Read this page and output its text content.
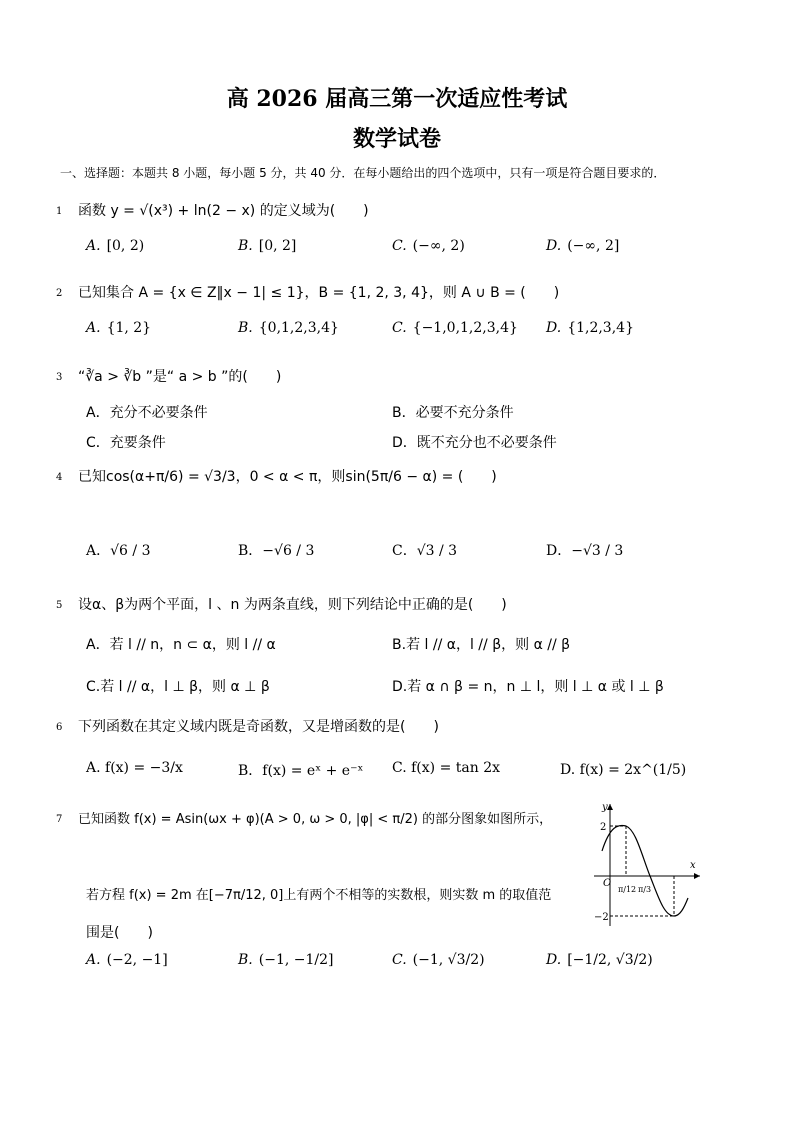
高 2026 届高三第一次适应性考试
数学试卷
一、选择题：本题共 8 小题，每小题 5 分，共 40 分．在每小题给出的四个选项中，只有一项是符合题目要求的．
1 函数 y = √(x³) + ln(2 − x) 的定义域为(　　)
A. [0, 2)	B. [0, 2]	C. (−∞, 2)	D. (−∞, 2]
2 已知集合 A = {x ∈ Z‖x − 1| ≤ 1}，B = {1, 2, 3, 4}，则 A ∪ B = (　　)
A. {1, 2}	B. {0,1,2,3,4}	C. {−1,0,1,2,3,4} D. {1,2,3,4}
3 “∛a > ∛b ”是“ a > b ”的(　　)
A．充分不必要条件	B．必要不充分条件
C．充要条件	D．既不充分也不必要条件
4 已知cos(α+π/6) = √3/3，0 < α < π，则sin(5π/6 − α) = (　　)
A．√6 / 3	B．−√6 / 3	C．√3 / 3	D．−√3 / 3
5 设α、β为两个平面，l 、n 为两条直线，则下列结论中正确的是(　　)
A．若 l // n，n ⊂ α，则 l // α	B.若 l // α，l // β，则 α // β
C.若 l // α，l ⊥ β，则 α ⊥ β	D.若 α ∩ β = n，n ⊥ l，则 l ⊥ α 或 l ⊥ β
6 下列函数在其定义域内既是奇函数，又是增函数的是(　　)
A. f(x) = −3/x	B．f(x) = eˣ + e⁻ˣ C. f(x) = tan 2x	D. f(x) = 2x^(1/5)
7 已知函数 f(x) = Asin(ωx + φ)(A > 0, ω > 0, |φ| < π/2) 的部分图象如图所示，
若方程 f(x) = 2m 在[−7π/12, 0]上有两个不相等的实数根，则实数 m 的取值范
围是(　　)
A. (−2, −1]	B. (−1, −1/2]	C. (−1, √3/2)	D. [−1/2, √3/2)
y
x
O
2
−2
π/12 π/3
